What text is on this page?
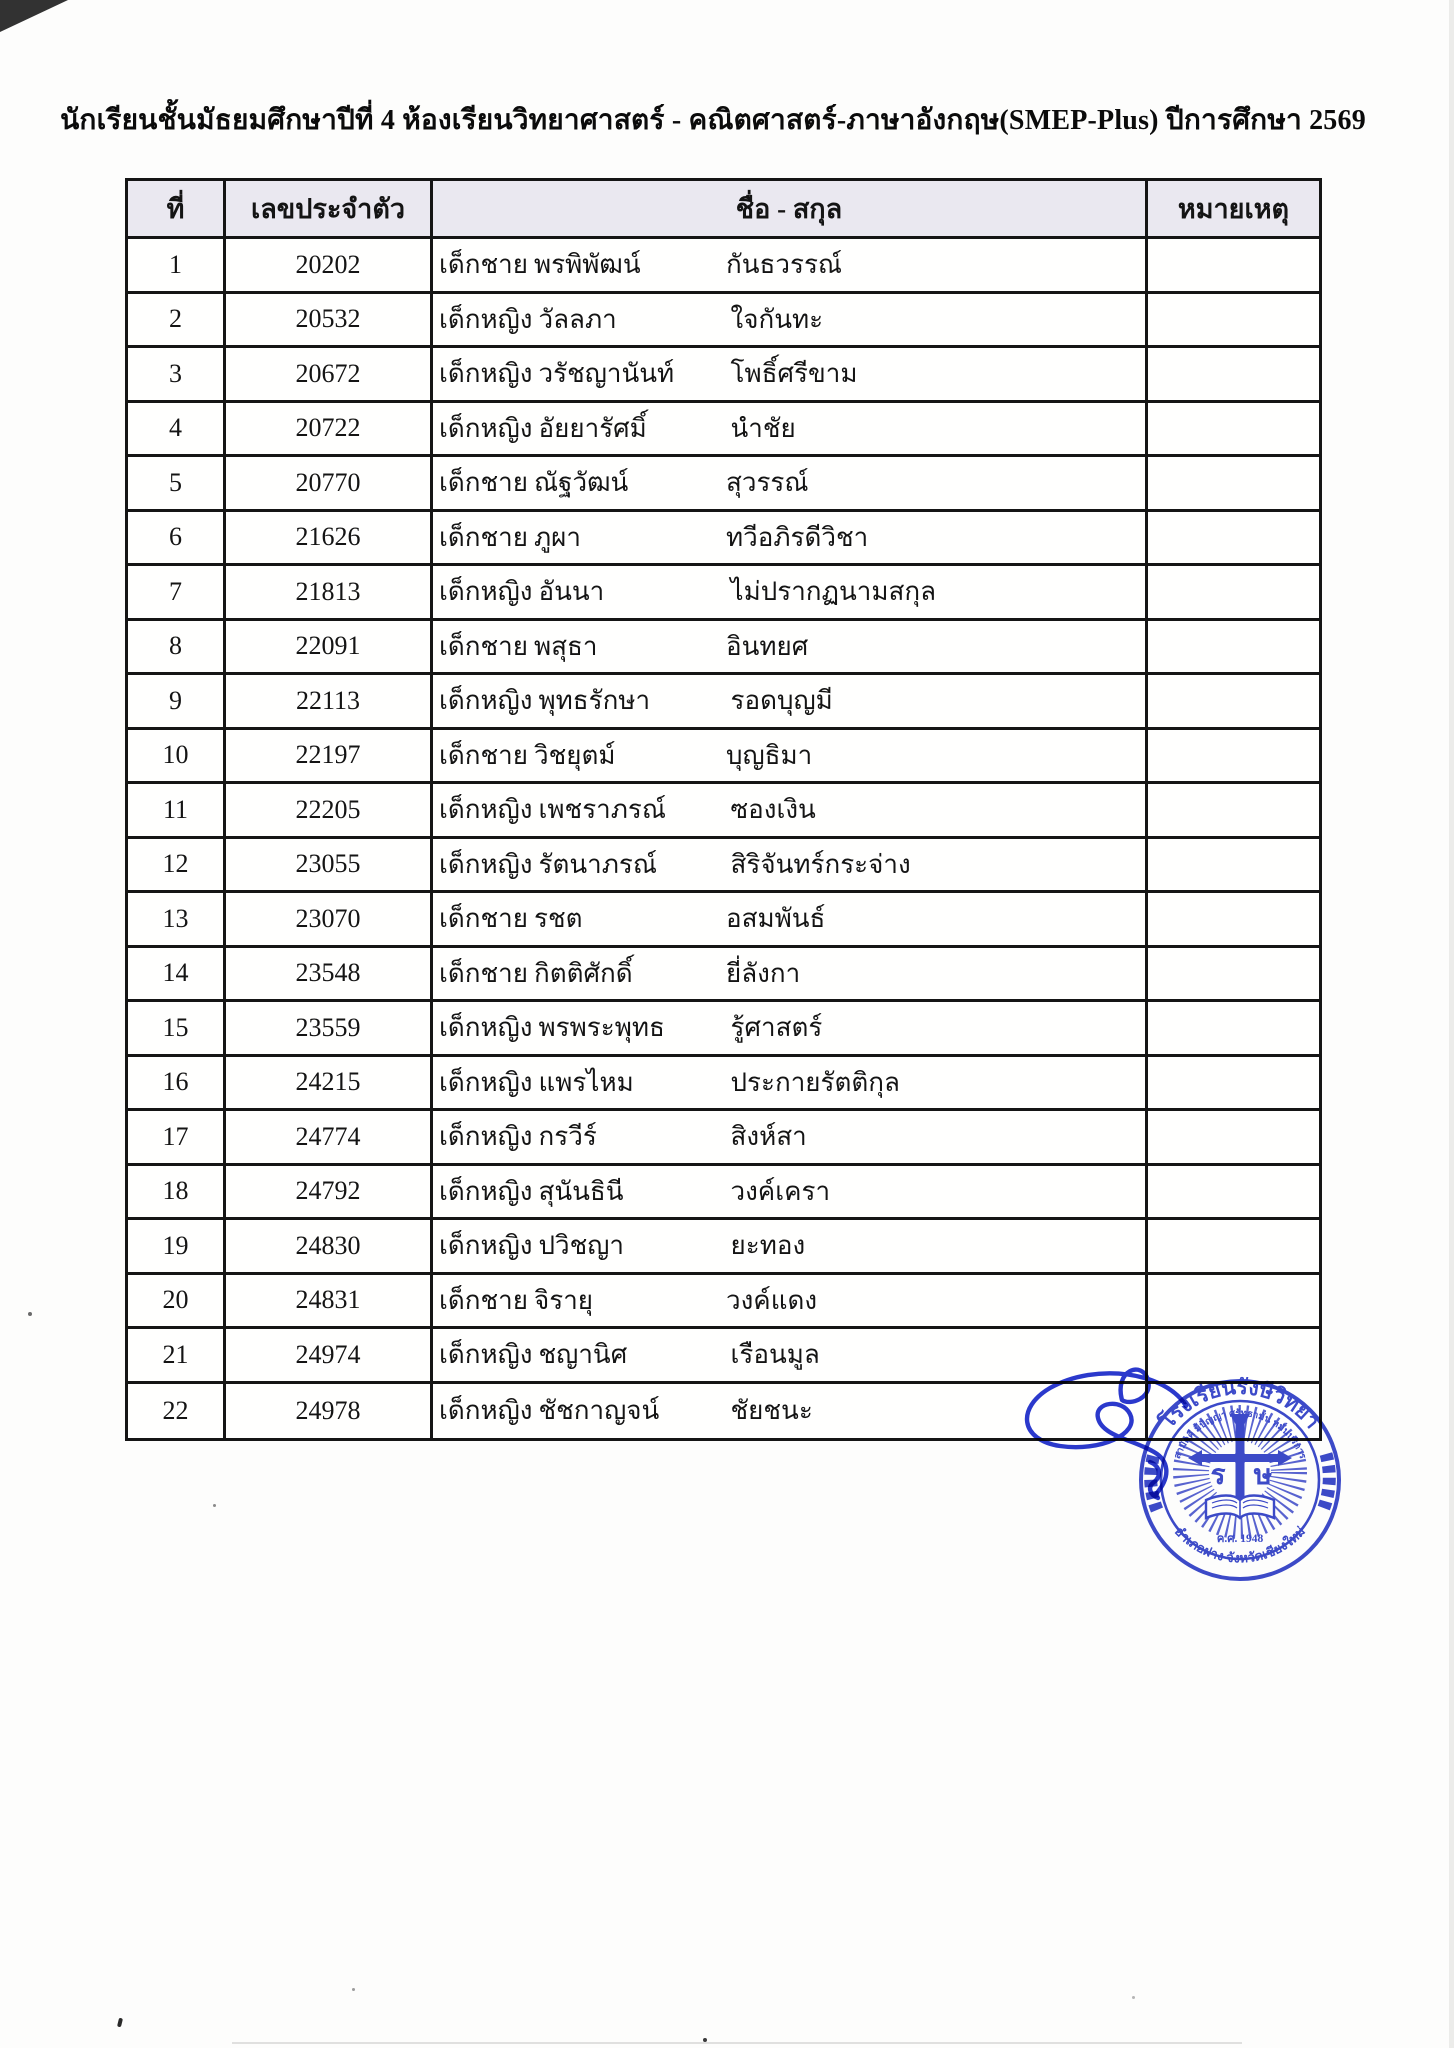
นักเรียนชั้นมัธยมศึกษาปีที่ 4 ห้องเรียนวิทยาศาสตร์ - คณิตศาสตร์-ภาษาอังกฤษ(SMEP-Plus) ปีการศึกษา 2569
ที่	เลขประจำตัว	ชื่อ - สกุล	หมายเหตุ
1	20202	เด็กชาย พรพิพัฒน์	กันธวรรณ์
2	20532	เด็กหญิง วัลลภา	ใจกันทะ
3	20672	เด็กหญิง วรัชญานันท์	โพธิ์ศรีขาม
4	20722	เด็กหญิง อัยยารัศมิ์	นำชัย
5	20770	เด็กชาย ณัฐวัฒน์	สุวรรณ์
6	21626	เด็กชาย ภูผา	ทวีอภิรดีวิชา
7	21813	เด็กหญิง อันนา	ไม่ปรากฏนามสกุล
8	22091	เด็กชาย พสุธา	อินทยศ
9	22113	เด็กหญิง พุทธรักษา	รอดบุญมี
10	22197	เด็กชาย วิชยุตม์	บุญธิมา
11	22205	เด็กหญิง เพชราภรณ์	ซองเงิน
12	23055	เด็กหญิง รัตนาภรณ์	สิริจันทร์กระจ่าง
13	23070	เด็กชาย รชต	อสมพันธ์
14	23548	เด็กชาย กิตติศักดิ์	ยี่ลังกา
15	23559	เด็กหญิง พรพระพุทธ	รู้ศาสตร์
16	24215	เด็กหญิง แพรไหม	ประกายรัตติกุล
17	24774	เด็กหญิง กรวีร์	สิงห์สา
18	24792	เด็กหญิง สุนันธินี	วงค์เครา
19	24830	เด็กหญิง ปวิชญา	ยะทอง
20	24831	เด็กชาย จิรายุ	วงค์แดง
21	24974	เด็กหญิง ชญานิศ	เรือนมูล
22	24978	เด็กหญิง ชัชกาญจน์	ชัยชนะ
ร ษ
ค.ศ. 1948
โรงเรียนรังษีวิทยา
อำเภอฝาง จังหวัดเชียงใหม่
สามัคคี มีปัญญา ศรัทธามั่น หมั่นบริการ
